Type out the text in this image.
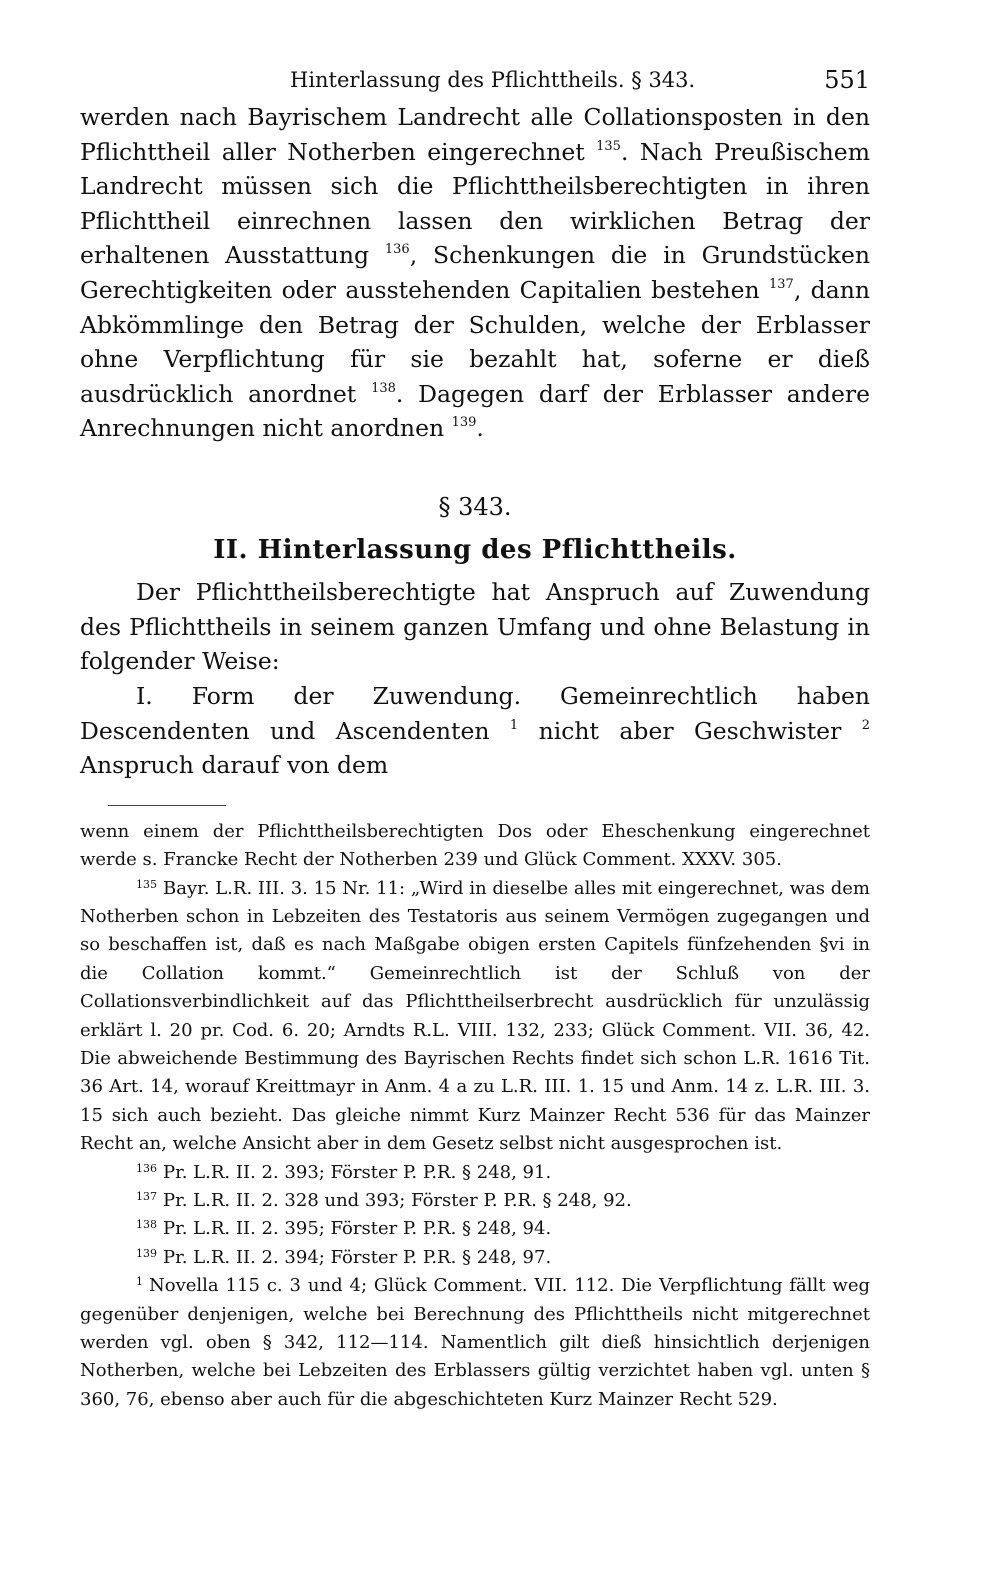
Hinterlassung des Pflichttheils. § 343.	551

werden nach Bayrischem Landrecht alle Collationsposten in den Pflichttheil aller Notherben eingerechnet $^{135}$. Nach Preußischem Landrecht müssen sich die Pflichttheilsberechtigten in ihren Pflichttheil einrechnen lassen den wirklichen Betrag der erhaltenen Ausstattung $^{136}$, Schenkungen die in Grundstücken Gerechtigkeiten oder ausstehenden Capitalien bestehen $^{137}$, dann Abkömmlinge den Betrag der Schulden, welche der Erblasser ohne Verpflichtung für sie bezahlt hat, soferne er dieß ausdrücklich anordnet $^{138}$. Dagegen darf der Erblasser andere Anrechnungen nicht anordnen $^{139}$.

§ 343.
II. Hinterlassung des Pflichttheils.

Der Pflichttheilsberechtigte hat Anspruch auf Zuwendung des Pflichttheils in seinem ganzen Umfang und ohne Belastung in folgender Weise:

I. Form der Zuwendung. Gemeinrechtlich haben Descendenten und Ascendenten $^1$ nicht aber Geschwister $^2$ Anspruch darauf von dem

wenn einem der Pflichttheilsberechtigten Dos oder Eheschenkung eingerechnet werde s. Francke Recht der Notherben 239 und Glück Comment. XXXV. 305.

$^{135}$ Bayr. L.R. III. 3. 15 Nr. 11: „Wird in dieselbe alles mit eingerechnet, was dem Notherben schon in Lebzeiten des Testatoris aus seinem Vermögen zugegangen und so beschaffen ist, daß es nach Maßgabe obigen ersten Capitels fünfzehenden §vi in die Collation kommt.“ Gemeinrechtlich ist der Schluß von der Collationsverbindlichkeit auf das Pflichttheilserbrecht ausdrücklich für unzulässig erklärt l. 20 pr. Cod. 6. 20; Arndts R.L. VIII. 132, 233; Glück Comment. VII. 36, 42. Die abweichende Bestimmung des Bayrischen Rechts findet sich schon L.R. 1616 Tit. 36 Art. 14, worauf Kreittmayr in Anm. 4 a zu L.R. III. 1. 15 und Anm. 14 z. L.R. III. 3. 15 sich auch bezieht. Das gleiche nimmt Kurz Mainzer Recht 536 für das Mainzer Recht an, welche Ansicht aber in dem Gesetz selbst nicht ausgesprochen ist.

$^{136}$ Pr. L.R. II. 2. 393; Förster P. P.R. § 248, 91.

$^{137}$ Pr. L.R. II. 2. 328 und 393; Förster P. P.R. § 248, 92.

$^{138}$ Pr. L.R. II. 2. 395; Förster P. P.R. § 248, 94.

$^{139}$ Pr. L.R. II. 2. 394; Förster P. P.R. § 248, 97.

$^1$ Novella 115 c. 3 und 4; Glück Comment. VII. 112. Die Verpflichtung fällt weg gegenüber denjenigen, welche bei Berechnung des Pflichttheils nicht mitgerechnet werden vgl. oben § 342, 112—114. Namentlich gilt dieß hinsichtlich derjenigen Notherben, welche bei Lebzeiten des Erblassers gültig verzichtet haben vgl. unten § 360, 76, ebenso aber auch für die abgeschichteten Kurz Mainzer Recht 529.
